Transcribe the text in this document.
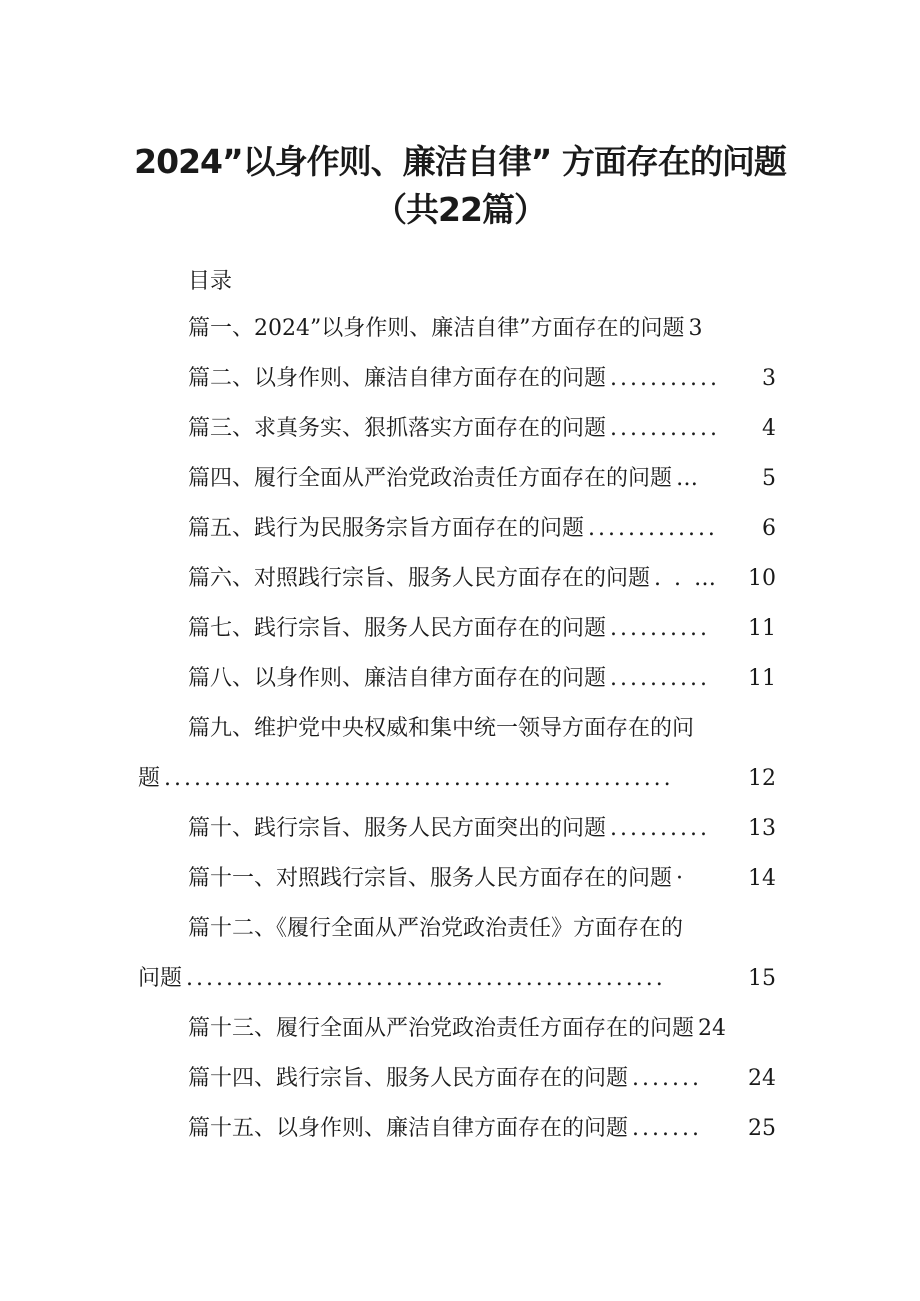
2024”以身作则、廉洁自律” 方面存在的问题
（共22篇）
目录
篇一、2024”以身作则、廉洁自律”方面存在的问题 3
篇二、以身作则、廉洁自律方面存在的问题 ...........	3
篇三、求真务实、狠抓落实方面存在的问题 ...........	4
篇四、履行全面从严治党政治责任方面存在的问题 …	5
篇五、践行为民服务宗旨方面存在的问题 .............	6
篇六、对照践行宗旨、服务人民方面存在的问题 . . …	10
篇七、践行宗旨、服务人民方面存在的问题 ..........	11
篇八、以身作则、廉洁自律方面存在的问题 ..........	11
篇九、维护党中央权威和集中统一领导方面存在的问
题 ...................................................	12
篇十、践行宗旨、服务人民方面突出的问题 ..........	13
篇十一、对照践行宗旨、服务人民方面存在的问题 ·	14
篇十二、《履行全面从严治党政治责任》方面存在的
问题 ................................................	15
篇十三、履行全面从严治党政治责任方面存在的问题 24
篇十四、践行宗旨、服务人民方面存在的问题 .......	24
篇十五、以身作则、廉洁自律方面存在的问题 .......	25
